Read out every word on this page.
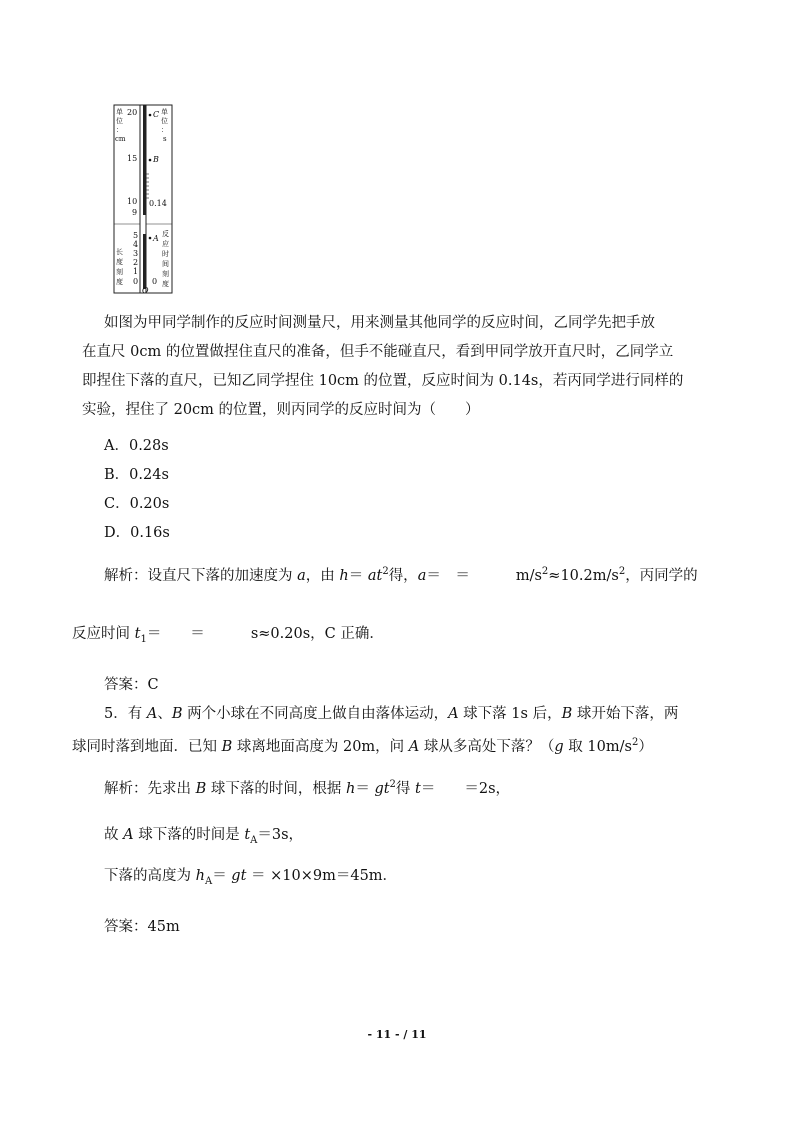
单
位
：
cm
单
位
：
s
长
度
刻
度
反
应
时
间
刻
度
20
15
10
9
5
4
3
2
1
0
C
B
0.14
A
0
O
如图为甲同学制作的反应时间测量尺，用来测量其他同学的反应时间，乙同学先把手放
在直尺 0cm 的位置做捏住直尺的准备，但手不能碰直尺，看到甲同学放开直尺时，乙同学立
即捏住下落的直尺，已知乙同学捏住 10cm 的位置，反应时间为 0.14s，若丙同学进行同样的
实验，捏住了 20cm 的位置，则丙同学的反应时间为（　　）
A．0.28s
B．0.24s
C．0.20s
D．0.16s
解析：设直尺下落的加速度为 a，由 $h= at^2$得，a＝　＝	$m/s^2\approx 10.2m/s^2$，丙同学的
反应时间 $t_1=$　　＝	s≈0.20s，C 正确．
答案：C
5．有 A、B 两个小球在不同高度上做自由落体运动，A 球下落 1s 后，B 球开始下落，两
球同时落到地面．已知 B 球离地面高度为 20m，问 A 球从多高处下落？（g 取 $10m/s^2$）
解析：先求出 B 球下落的时间，根据 $h= gt^2$得 t＝　　＝2s，
故 A 球下落的时间是 $t_A=3s$，
下落的高度为 $h_A=$ gt ＝ ×10×9m＝45m．
答案：45m
- 11 - / 11
